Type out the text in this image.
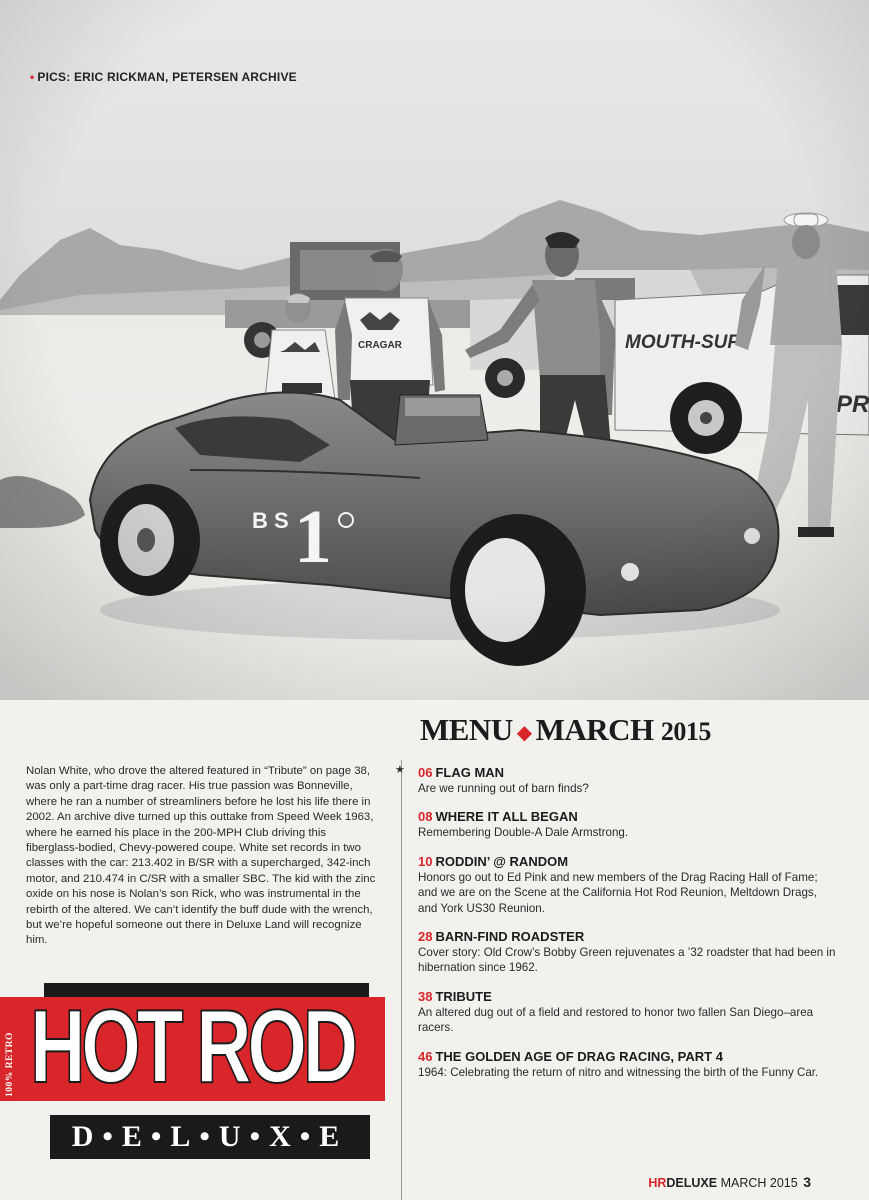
• PICS: ERIC RICKMAN, PETERSEN ARCHIVE

Nolan White, who drove the altered featured in “Tribute” on page 38, was only a part-time drag racer. His true passion was Bonneville, where he ran a number of streamliners before he lost his life there in 2002. An archive dive turned up this outtake from Speed Week 1963, where he earned his place in the 200-MPH Club driving this fiberglass-bodied, Chevy-powered coupe. White set records in two classes with the car: 213.402 in B/SR with a supercharged, 342-inch motor, and 210.474 in C/SR with a smaller SBC. The kid with the zinc oxide on his nose is Nolan’s son Rick, who was instrumental in the rebirth of the altered. We can’t identify the buff dude with the wrench, but we’re hopeful someone out there in Deluxe Land will recognize him.

MENU ◆ MARCH 2015
★ 06 FLAG MAN
Are we running out of barn finds?
08 WHERE IT ALL BEGAN
Remembering Double-A Dale Armstrong.
10 RODDIN’ @ RANDOM
Honors go out to Ed Pink and new members of the Drag Racing Hall of Fame; and we are on the Scene at the California Hot Rod Reunion, Meltdown Drags, and York US30 Reunion.
28 BARN-FIND ROADSTER
Cover story: Old Crow’s Bobby Green rejuvenates a ’32 roadster that had been in hibernation since 1962.
38 TRIBUTE
An altered dug out of a field and restored to honor two fallen San Diego–area racers.
46 THE GOLDEN AGE OF DRAG RACING, PART 4
1964: Celebrating the return of nitro and witnessing the birth of the Funny Car.
100% RETRO HOT ROD
D•E•L•U•X•E
HRDELUXE MARCH 2015 3
